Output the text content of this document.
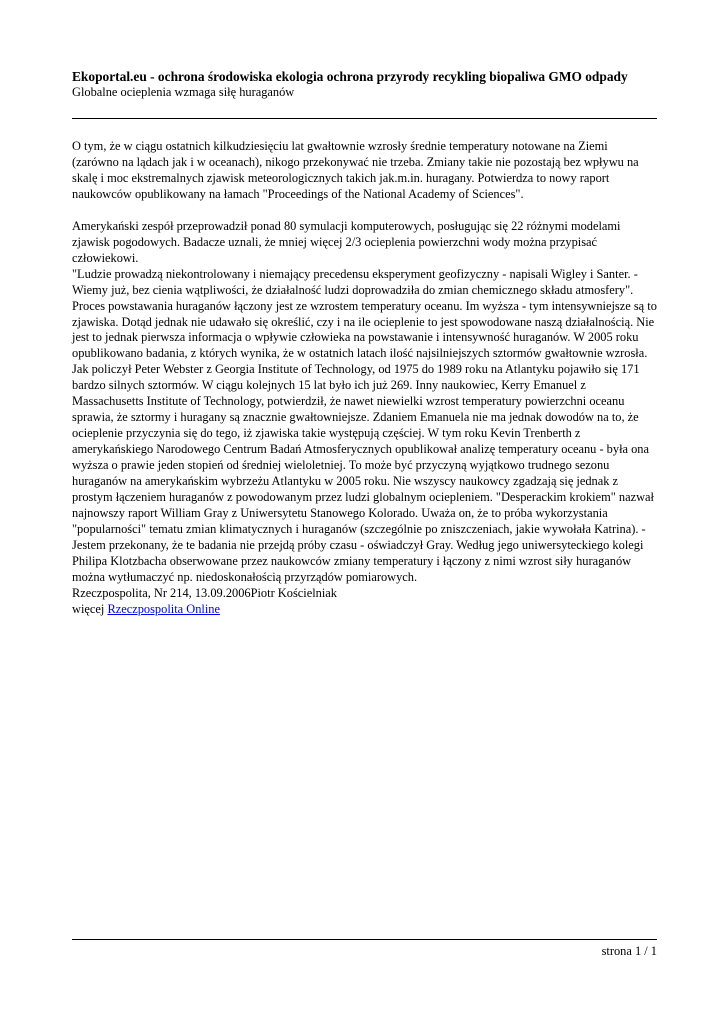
Ekoportal.eu - ochrona środowiska ekologia ochrona przyrody recykling biopaliwa GMO odpady
Globalne ocieplenia wzmaga siłę huraganów

O tym, że w ciągu ostatnich kilkudziesięciu lat gwałtownie wzrosły średnie temperatury notowane na Ziemi (zarówno na lądach jak i w oceanach), nikogo przekonywać nie trzeba. Zmiany takie nie pozostają bez wpływu na skalę i moc ekstremalnych zjawisk meteorologicznych takich jak.m.in. huragany. Potwierdza to nowy raport naukowców opublikowany na łamach "Proceedings of the National Academy of Sciences".

Amerykański zespół przeprowadził ponad 80 symulacji komputerowych, posługując się 22 różnymi modelami zjawisk pogodowych. Badacze uznali, że mniej więcej 2/3 ocieplenia powierzchni wody można przypisać człowiekowi.
"Ludzie prowadzą niekontrolowany i niemający precedensu eksperyment geofizyczny - napisali Wigley i Santer. - Wiemy już, bez cienia wątpliwości, że działalność ludzi doprowadziła do zmian chemicznego składu atmosfery".
Proces powstawania huraganów łączony jest ze wzrostem temperatury oceanu. Im wyższa - tym intensywniejsze są to zjawiska. Dotąd jednak nie udawało się określić, czy i na ile ocieplenie to jest spowodowane naszą działalnością. Nie jest to jednak pierwsza informacja o wpływie człowieka na powstawanie i intensywność huraganów. W 2005 roku opublikowano badania, z których wynika, że w ostatnich latach ilość najsilniejszych sztormów gwałtownie wzrosła. Jak policzył Peter Webster z Georgia Institute of Technology, od 1975 do 1989 roku na Atlantyku pojawiło się 171 bardzo silnych sztormów. W ciągu kolejnych 15 lat było ich już 269. Inny naukowiec, Kerry Emanuel z Massachusetts Institute of Technology, potwierdził, że nawet niewielki wzrost temperatury powierzchni oceanu sprawia, że sztormy i huragany są znacznie gwałtowniejsze. Zdaniem Emanuela nie ma jednak dowodów na to, że ocieplenie przyczynia się do tego, iż zjawiska takie występują częściej. W tym roku Kevin Trenberth z amerykańskiego Narodowego Centrum Badań Atmosferycznych opublikował analizę temperatury oceanu - była ona wyższa o prawie jeden stopień od średniej wieloletniej. To może być przyczyną wyjątkowo trudnego sezonu huraganów na amerykańskim wybrzeżu Atlantyku w 2005 roku. Nie wszyscy naukowcy zgadzają się jednak z prostym łączeniem huraganów z powodowanym przez ludzi globalnym ociepleniem. "Desperackim krokiem" nazwał najnowszy raport William Gray z Uniwersytetu Stanowego Kolorado. Uważa on, że to próba wykorzystania "popularności" tematu zmian klimatycznych i huraganów (szczególnie po zniszczeniach, jakie wywołała Katrina). - Jestem przekonany, że te badania nie przejdą próby czasu - oświadczył Gray. Według jego uniwersyteckiego kolegi Philipa Klotzbacha obserwowane przez naukowców zmiany temperatury i łączony z nimi wzrost siły huraganów można wytłumaczyć np. niedoskonałością przyrządów pomiarowych.
Rzeczpospolita, Nr 214, 13.09.2006Piotr Kościelniak
więcej Rzeczpospolita Online
strona 1 / 1
